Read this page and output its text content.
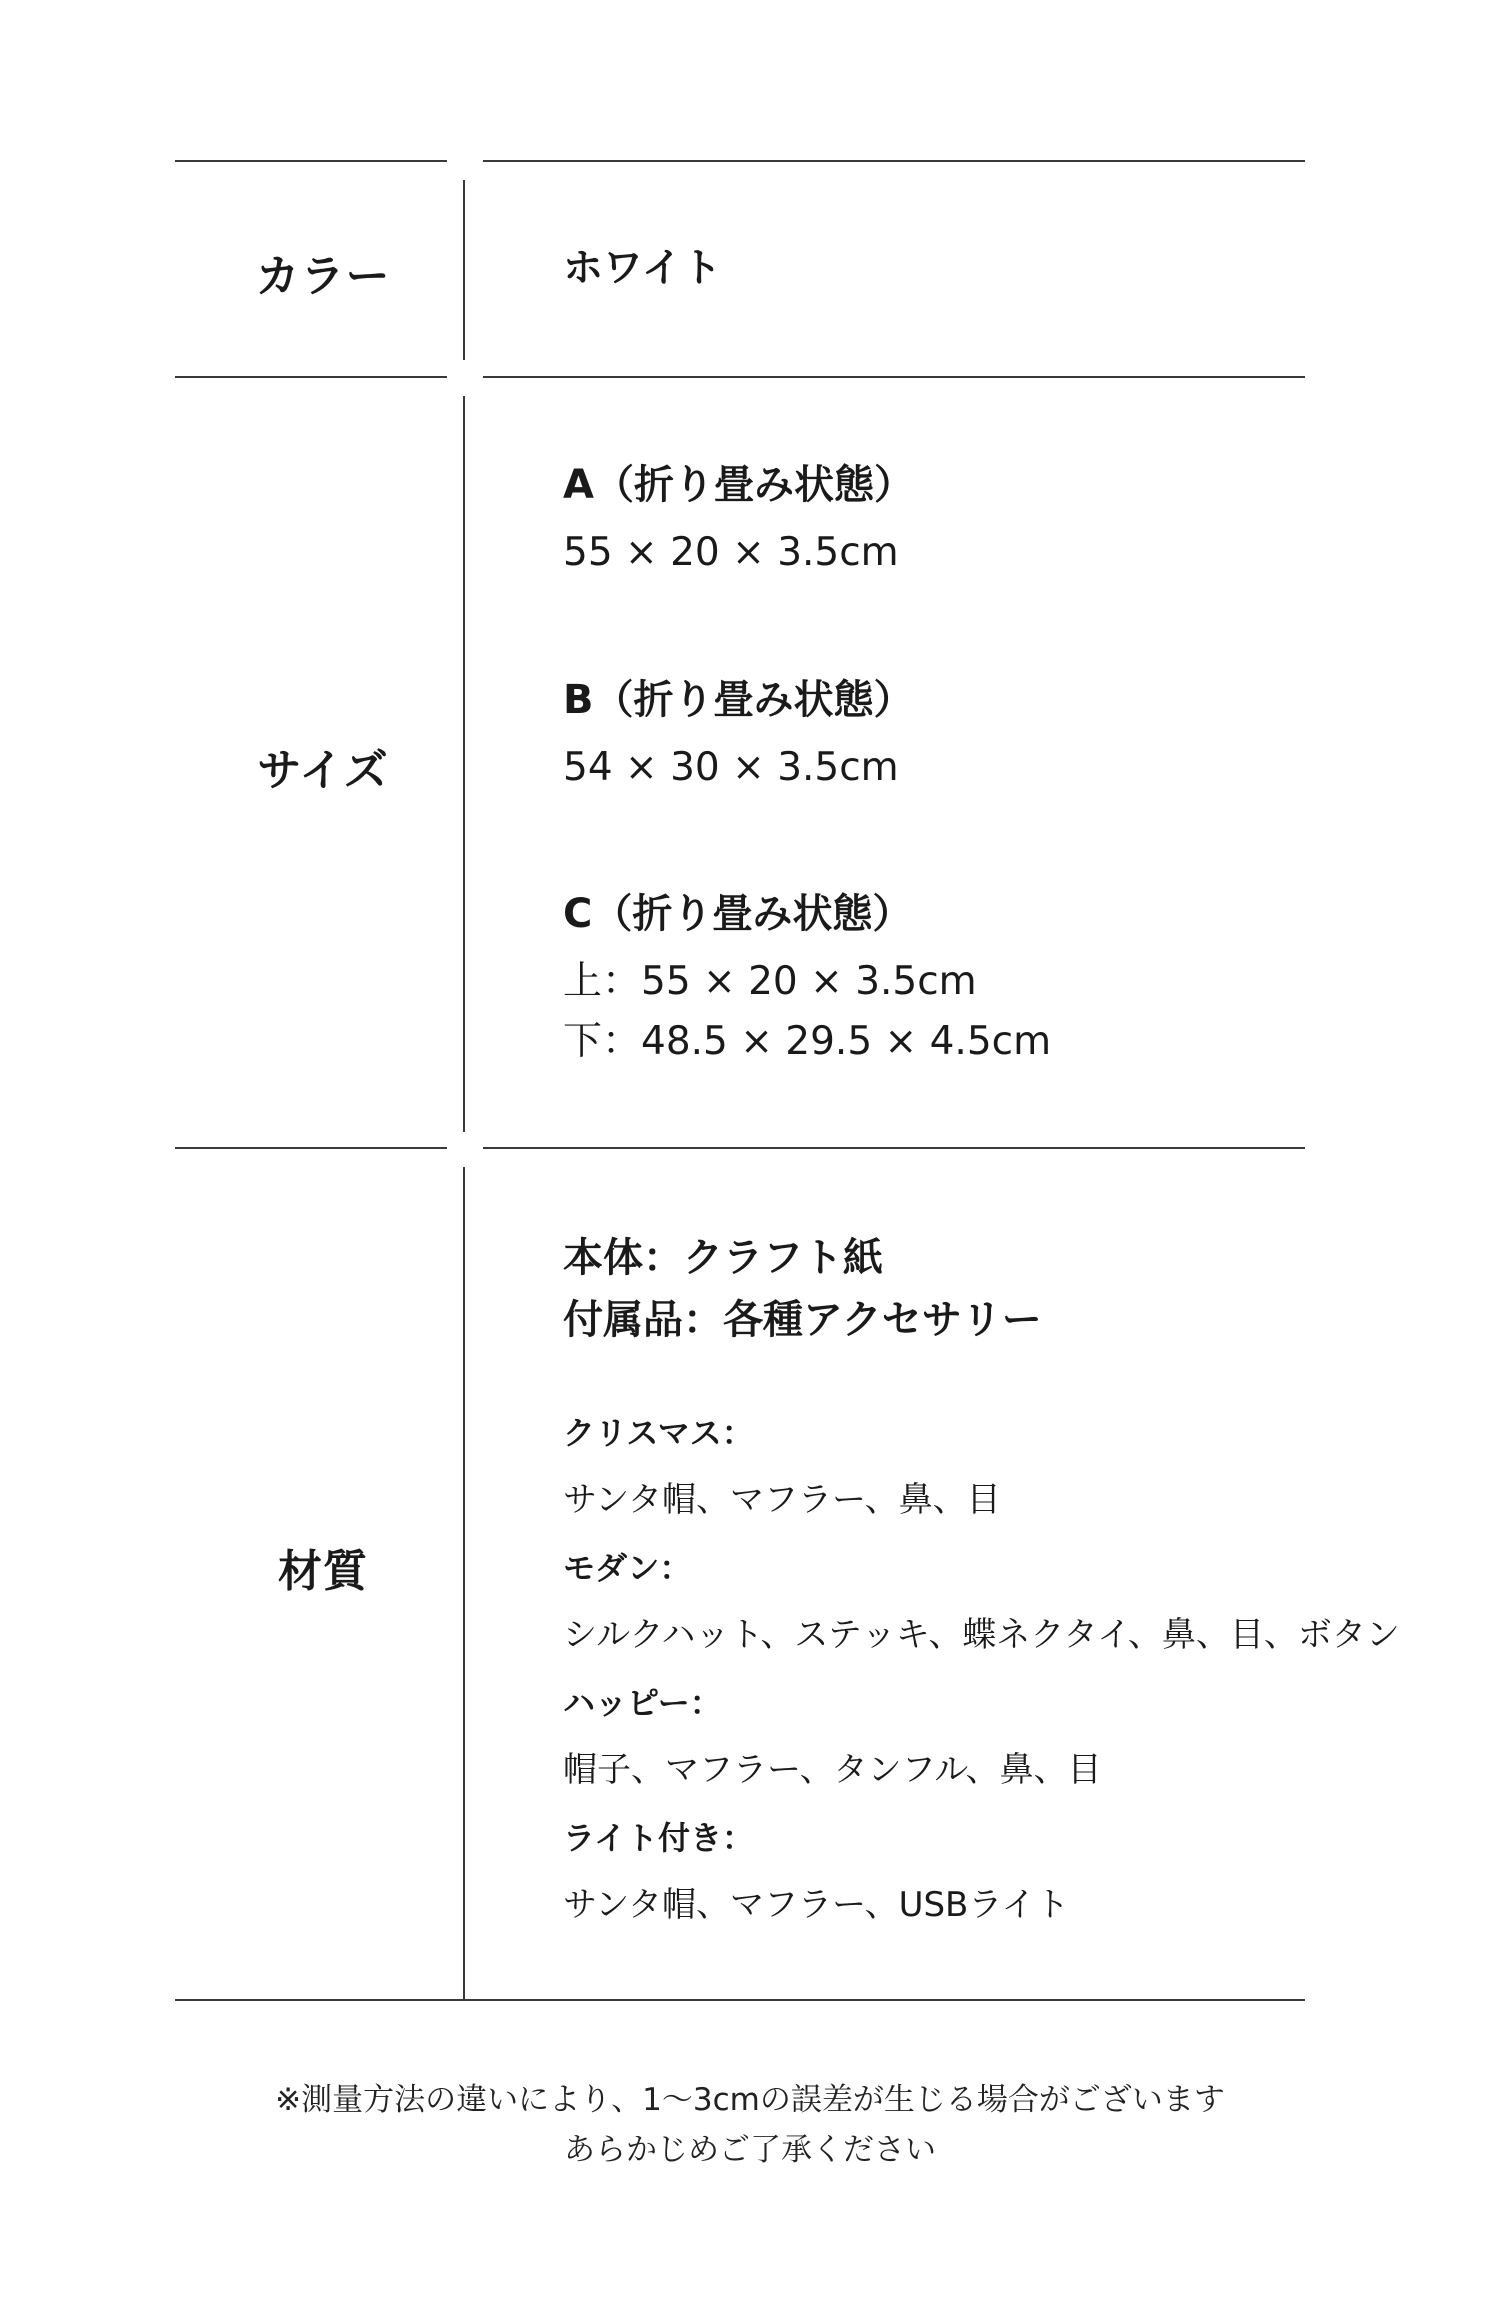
カラー	ホワイト
サイズ
A（折り畳み状態）
55 × 20 × 3.5cm
B（折り畳み状態）
54 × 30 × 3.5cm
C（折り畳み状態）
上：55 × 20 × 3.5cm
下：48.5 × 29.5 × 4.5cm
材質
本体：クラフト紙
付属品：各種アクセサリー
クリスマス：
サンタ帽、マフラー、鼻、目
モダン：
シルクハット、ステッキ、蝶ネクタイ、鼻、目、ボタン
ハッピー：
帽子、マフラー、タンフル、鼻、目
ライト付き：
サンタ帽、マフラー、USBライト
※測量方法の違いにより、1〜3cmの誤差が生じる場合がございます
あらかじめご了承ください
